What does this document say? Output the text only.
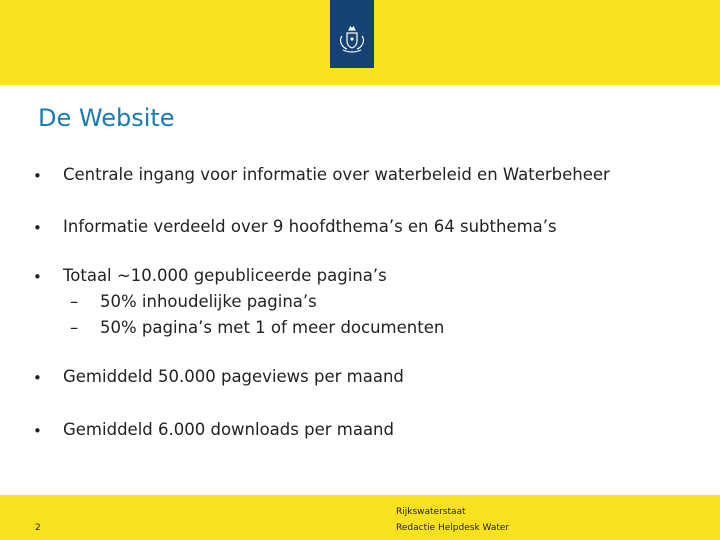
De Website
• Centrale ingang voor informatie over waterbeleid en Waterbeheer
• Informatie verdeeld over 9 hoofdthema’s en 64 subthema’s
• Totaal ~10.000 gepubliceerde pagina’s
– 50% inhoudelijke pagina’s
– 50% pagina’s met 1 of meer documenten
• Gemiddeld 50.000 pageviews per maand
• Gemiddeld 6.000 downloads per maand
2
Rijkswaterstaat
Redactie Helpdesk Water
